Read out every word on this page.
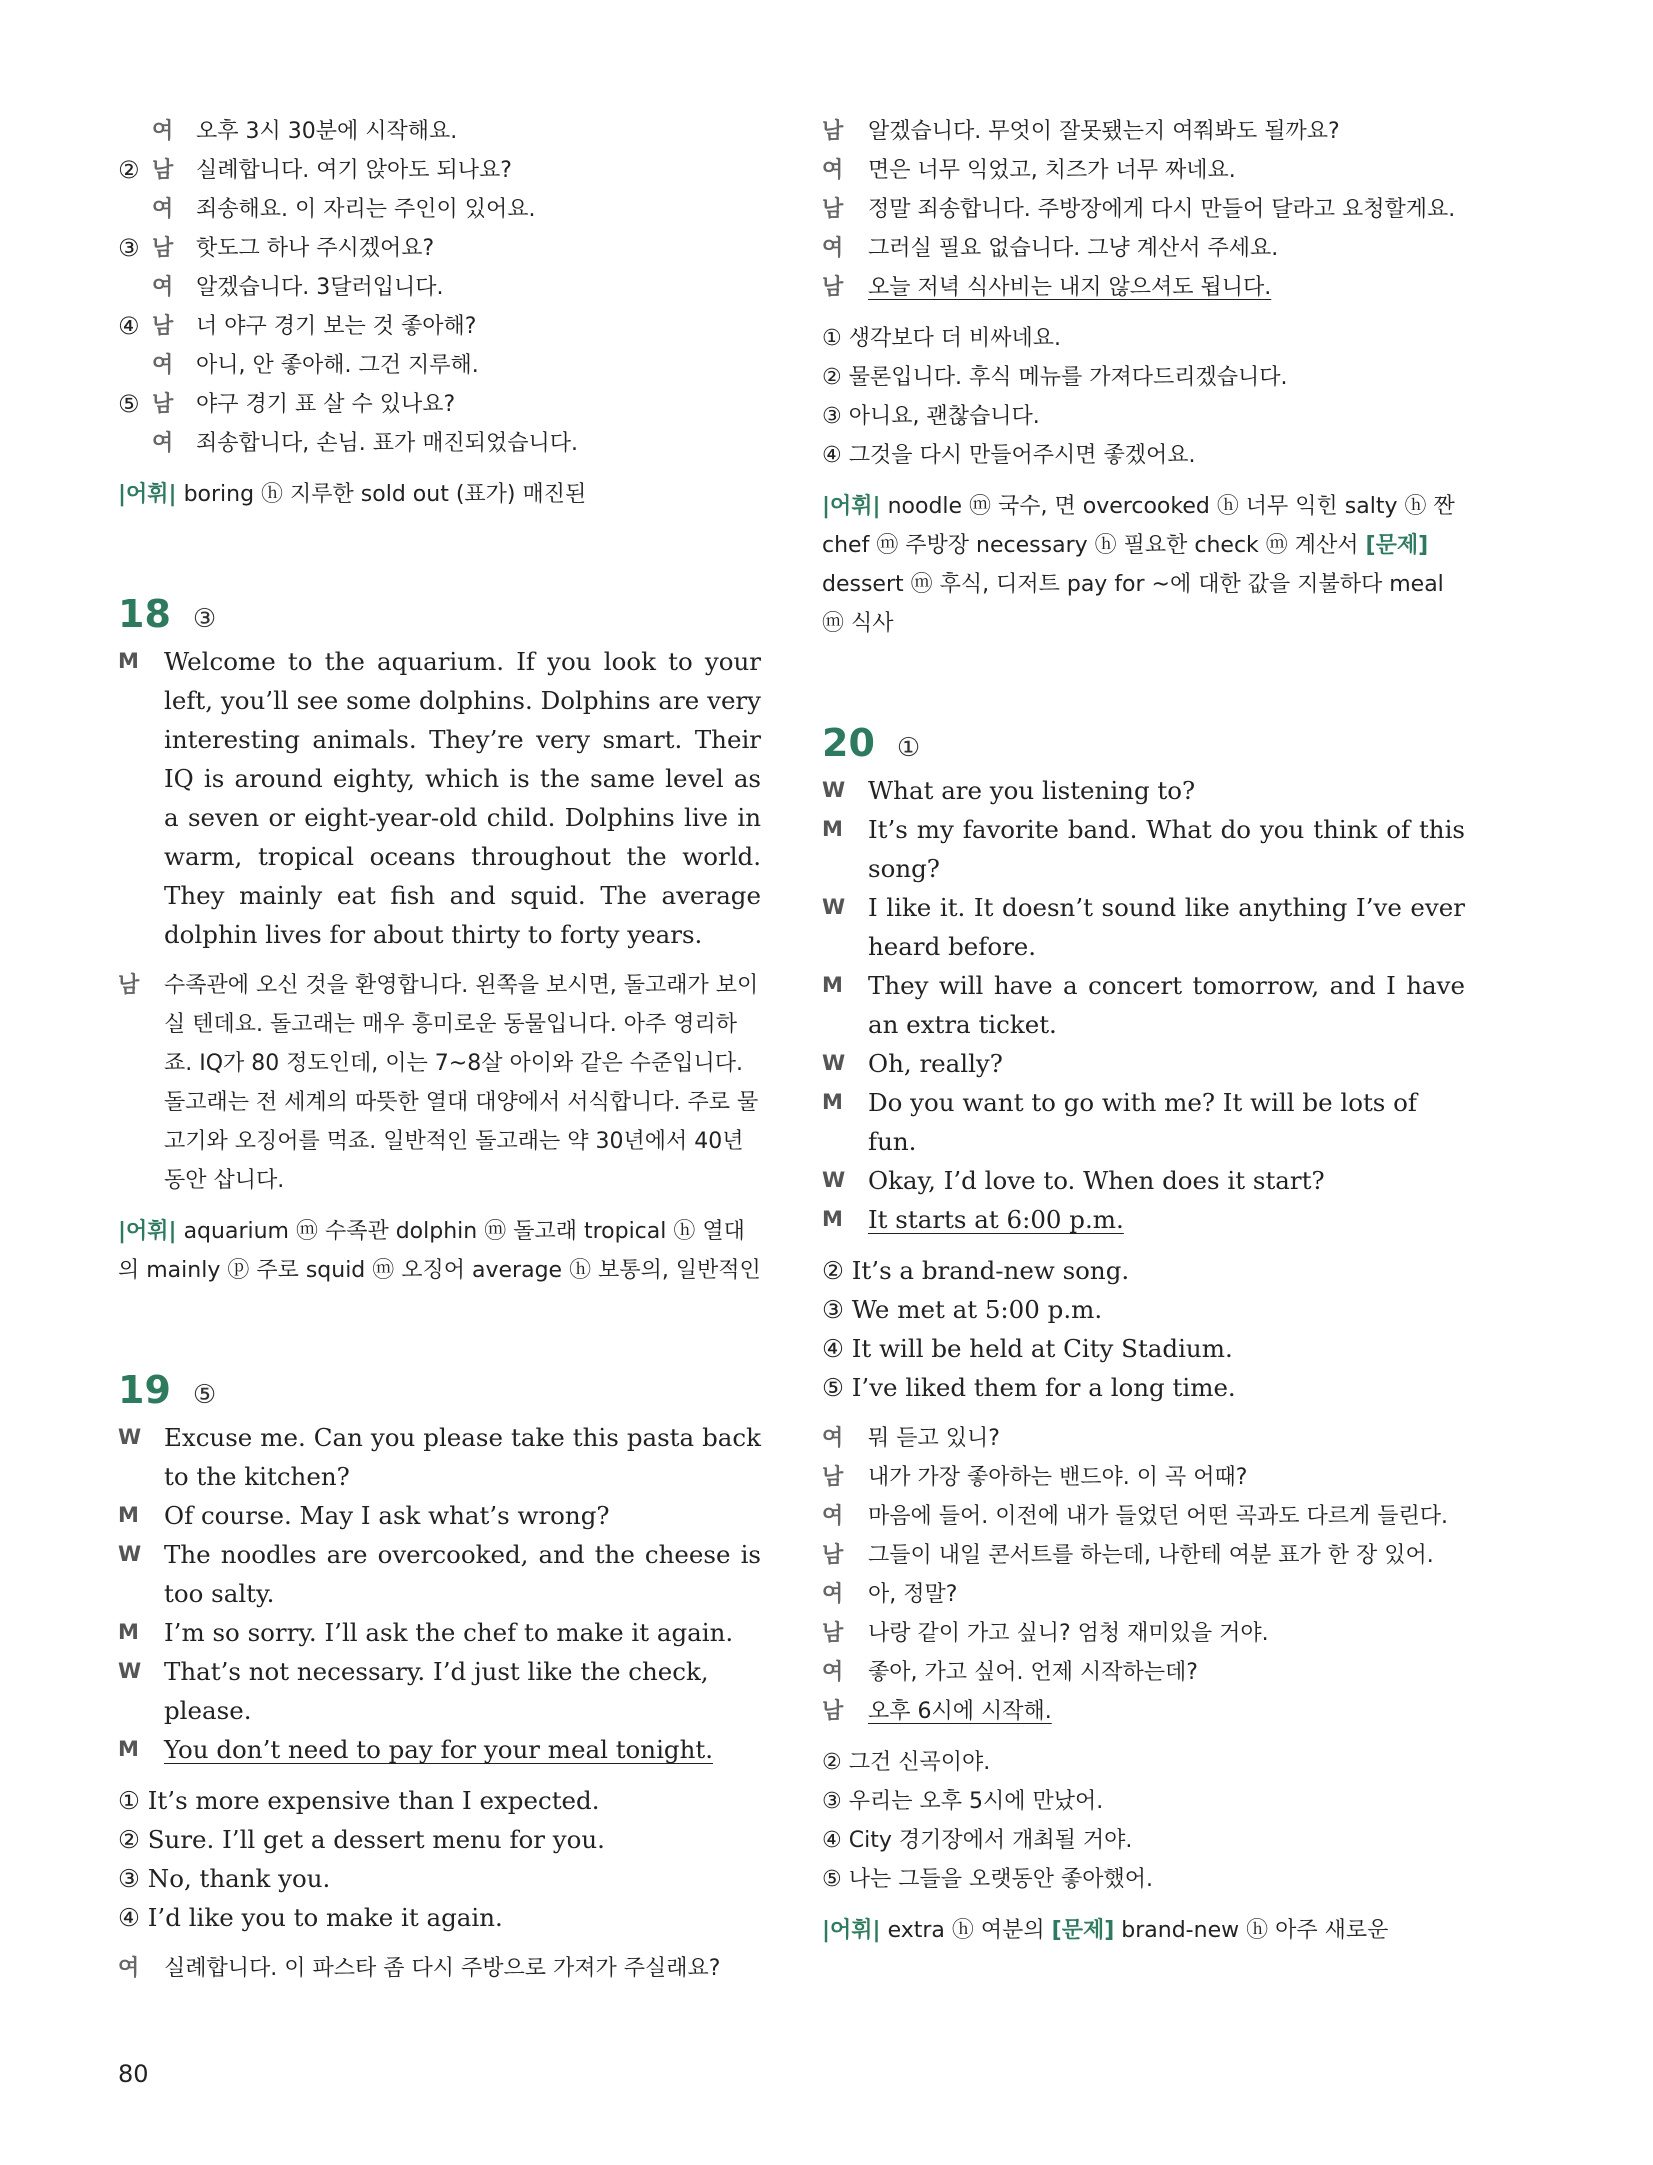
여	오후 3시 30분에 시작해요.
② 남	실례합니다. 여기 앉아도 되나요?
여	죄송해요. 이 자리는 주인이 있어요.
③ 남	핫도그 하나 주시겠어요?
여	알겠습니다. 3달러입니다.
④ 남	너 야구 경기 보는 것 좋아해?
여	아니, 안 좋아해. 그건 지루해.
⑤ 남	야구 경기 표 살 수 있나요?
여	죄송합니다, 손님. 표가 매진되었습니다.
|어휘| boring ⓗ 지루한 sold out (표가) 매진된
18 ③
M Welcome to the aquarium. If you look to your left, you’ll see some dolphins. Dolphins are very interesting animals. They’re very smart. Their IQ is around eighty, which is the same level as a seven or eight-year-old child. Dolphins live in warm, tropical oceans throughout the world. They mainly eat fish and squid. The average dolphin lives for about thirty to forty years.
남 수족관에 오신 것을 환영합니다. 왼쪽을 보시면, 돌고래가 보이실 텐데요. 돌고래는 매우 흥미로운 동물입니다. 아주 영리하죠. IQ가 80 정도인데, 이는 7~8살 아이와 같은 수준입니다. 돌고래는 전 세계의 따뜻한 열대 대양에서 서식합니다. 주로 물고기와 오징어를 먹죠. 일반적인 돌고래는 약 30년에서 40년 동안 삽니다.
|어휘| aquarium ⓜ 수족관 dolphin ⓜ 돌고래 tropical ⓗ 열대의 mainly ⓟ 주로 squid ⓜ 오징어 average ⓗ 보통의, 일반적인
19 ⑤
W Excuse me. Can you please take this pasta back to the kitchen?
M Of course. May I ask what’s wrong?
W The noodles are overcooked, and the cheese is too salty.
M I’m so sorry. I’ll ask the chef to make it again.
W That’s not necessary. I’d just like the check, please.
M You don’t need to pay for your meal tonight.
① It’s more expensive than I expected.
② Sure. I’ll get a dessert menu for you.
③ No, thank you.
④ I’d like you to make it again.
여 실례합니다. 이 파스타 좀 다시 주방으로 가져가 주실래요?
남 알겠습니다. 무엇이 잘못됐는지 여쭤봐도 될까요?
여 면은 너무 익었고, 치즈가 너무 짜네요.
남 정말 죄송합니다. 주방장에게 다시 만들어 달라고 요청할게요.
여 그러실 필요 없습니다. 그냥 계산서 주세요.
남 오늘 저녁 식사비는 내지 않으셔도 됩니다.
① 생각보다 더 비싸네요.
② 물론입니다. 후식 메뉴를 가져다드리겠습니다.
③ 아니요, 괜찮습니다.
④ 그것을 다시 만들어주시면 좋겠어요.
|어휘| noodle ⓜ 국수, 면 overcooked ⓗ 너무 익힌 salty ⓗ 짠 chef ⓜ 주방장 necessary ⓗ 필요한 check ⓜ 계산서 [문제] dessert ⓜ 후식, 디저트 pay for ~에 대한 값을 지불하다 meal ⓜ 식사
20 ①
W What are you listening to?
M It’s my favorite band. What do you think of this song?
W I like it. It doesn’t sound like anything I’ve ever heard before.
M They will have a concert tomorrow, and I have an extra ticket.
W Oh, really?
M Do you want to go with me? It will be lots of fun.
W Okay, I’d love to. When does it start?
M It starts at 6:00 p.m.
② It’s a brand-new song.
③ We met at 5:00 p.m.
④ It will be held at City Stadium.
⑤ I’ve liked them for a long time.
여 뭐 듣고 있니?
남 내가 가장 좋아하는 밴드야. 이 곡 어때?
여 마음에 들어. 이전에 내가 들었던 어떤 곡과도 다르게 들린다.
남 그들이 내일 콘서트를 하는데, 나한테 여분 표가 한 장 있어.
여 아, 정말?
남 나랑 같이 가고 싶니? 엄청 재미있을 거야.
여 좋아, 가고 싶어. 언제 시작하는데?
남 오후 6시에 시작해.
② 그건 신곡이야.
③ 우리는 오후 5시에 만났어.
④ City 경기장에서 개최될 거야.
⑤ 나는 그들을 오랫동안 좋아했어.
|어휘| extra ⓗ 여분의 [문제] brand-new ⓗ 아주 새로운
80
